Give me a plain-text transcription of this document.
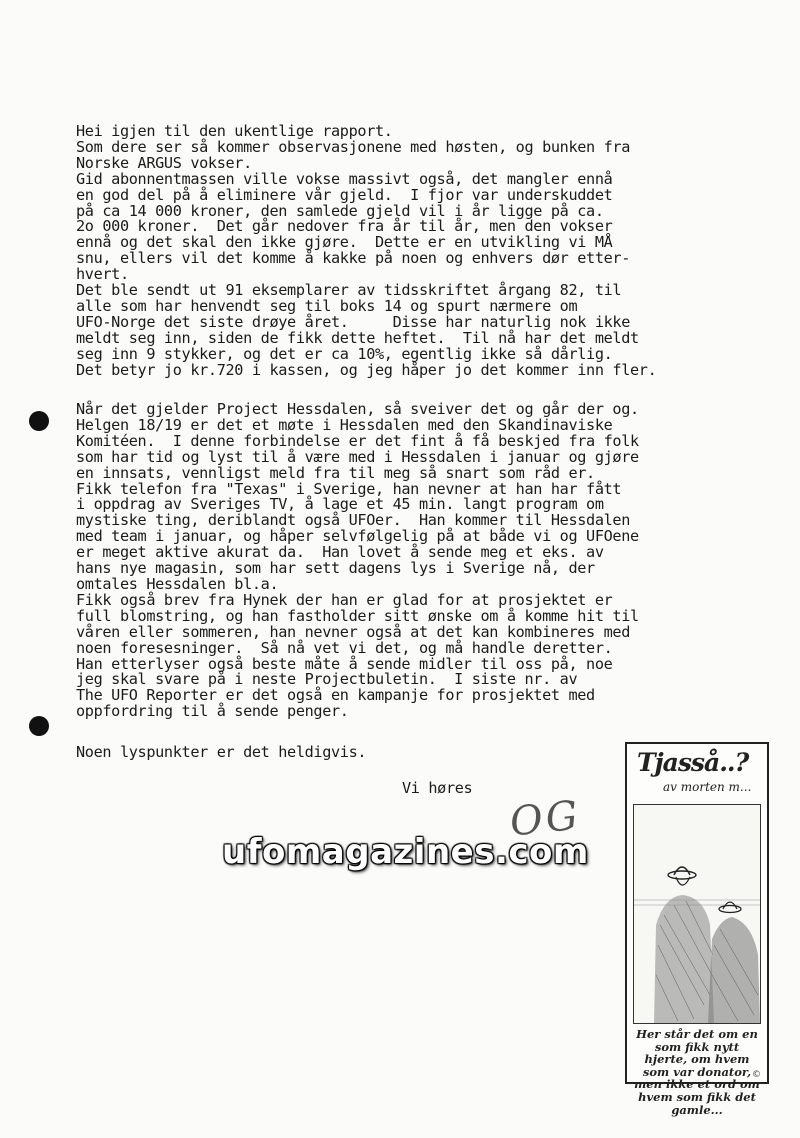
Hei igjen til den ukentlige rapport.
Som dere ser så kommer observasjonene med høsten, og bunken fra
Norske ARGUS vokser.
Gid abonnentmassen ville vokse massivt også, det mangler ennå
en god del på å eliminere vår gjeld.  I fjor var underskuddet
på ca 14 000 kroner, den samlede gjeld vil i år ligge på ca.
2o 000 kroner.  Det går nedover fra år til år, men den vokser
ennå og det skal den ikke gjøre.  Dette er en utvikling vi MÅ
snu, ellers vil det komme å kakke på noen og enhvers dør etter-
hvert.
Det ble sendt ut 91 eksemplarer av tidsskriftet årgang 82, til
alle som har henvendt seg til boks 14 og spurt nærmere om
UFO-Norge det siste drøye året.     Disse har naturlig nok ikke
meldt seg inn, siden de fikk dette heftet.  Til nå har det meldt
seg inn 9 stykker, og det er ca 10%, egentlig ikke så dårlig.
Det betyr jo kr.720 i kassen, og jeg håper jo det kommer inn fler.
Når det gjelder Project Hessdalen, så sveiver det og går der og.
Helgen 18/19 er det et møte i Hessdalen med den Skandinaviske
Komitéen.  I denne forbindelse er det fint å få beskjed fra folk
som har tid og lyst til å være med i Hessdalen i januar og gjøre
en innsats, vennligst meld fra til meg så snart som råd er.
Fikk telefon fra "Texas" i Sverige, han nevner at han har fått
i oppdrag av Sveriges TV, å lage et 45 min. langt program om
mystiske ting, deriblandt også UFOer.  Han kommer til Hessdalen
med team i januar, og håper selvfølgelig på at både vi og UFOene
er meget aktive akurat da.  Han lovet å sende meg et eks. av
hans nye magasin, som har sett dagens lys i Sverige nå, der
omtales Hessdalen bl.a.
Fikk også brev fra Hynek der han er glad for at prosjektet er
full blomstring, og han fastholder sitt ønske om å komme hit til
våren eller sommeren, han nevner også at det kan kombineres med
noen foresesninger.  Så nå vet vi det, og må handle deretter.
Han etterlyser også beste måte å sende midler til oss på, noe
jeg skal svare på i neste Projectbuletin.  I siste nr. av
The UFO Reporter er det også en kampanje for prosjektet med
oppfordring til å sende penger.
Noen lyspunkter er det heldigvis.
Vi høres
OG
ufomagazines.com
Tjasså..?
av morten m...
Her står det om en som fikk nytt hjerte, om hvem som var donator, men ikke et ord om hvem som fikk det gamle...
©
